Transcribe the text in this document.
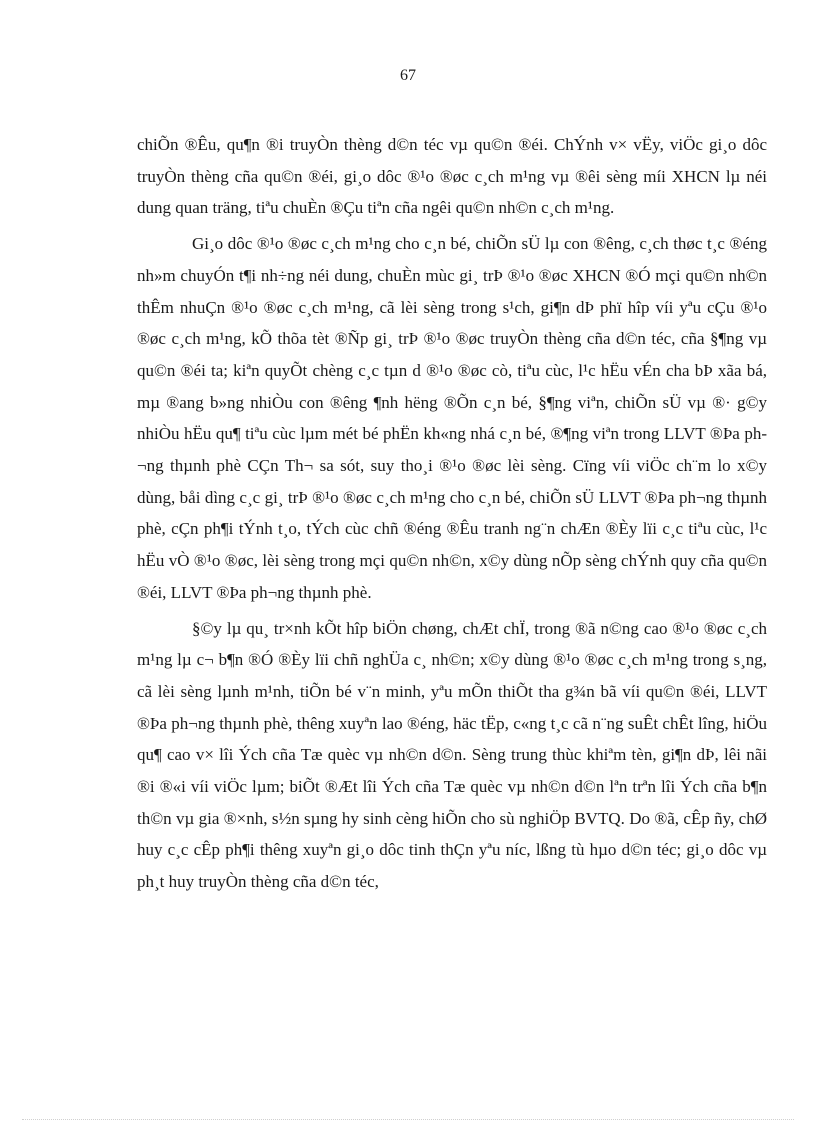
67

chiÕn ®Êu, qu¶n ®i truyÒn thèng d©n téc vµ qu©n ®éi. ChÝnh v× vËy, viÖc gi¸o dôc truyÒn thèng cña qu©n ®éi, gi¸o dôc ®¹o ®øc c¸ch m¹ng vµ ®êi sèng míi XHCN lµ néi dung quan träng, tiªu chuÈn ®Çu tiªn cña ngêi qu©n nh©n c¸ch m¹ng.

Gi¸o dôc ®¹o ®øc c¸ch m¹ng cho c¸n bé, chiÕn sÜ lµ con ®êng, c¸ch thøc t¸c ®éng nh»m chuyÓn t¶i nh÷ng néi dung, chuÈn mùc gi¸ trÞ ®¹o ®øc XHCN ®Ó mçi qu©n nh©n thÊm nhuÇn ®¹o ®øc c¸ch m¹ng, cã lèi sèng trong s¹ch, gi¶n dÞ phï hîp víi yªu cÇu ®¹o ®øc c¸ch m¹ng, kÕ thõa tèt ®Ñp gi¸ trÞ ®¹o ®øc truyÒn thèng cña d©n téc, cña §¶ng vµ qu©n ®éi ta; kiªn quyÕt chèng c¸c tµn d ®¹o ®øc cò, tiªu cùc, l¹c hËu vÉn cha bÞ xãa bá, mµ ®ang b»ng nhiÒu con ®êng ¶nh hëng ®Õn c¸n bé, §¶ng viªn, chiÕn sÜ vµ ®· g©y nhiÒu hËu qu¶ tiªu cùc lµm mét bé phËn kh«ng nhá c¸n bé, ®¶ng viªn trong LLVT ®Þa ph¬ng thµnh phè CÇn Th¬ sa sót, suy tho¸i ®¹o ®øc lèi sèng. Cïng víi viÖc ch¨m lo x©y dùng, båi dìng c¸c gi¸ trÞ ®¹o ®øc c¸ch m¹ng cho c¸n bé, chiÕn sÜ LLVT ®Þa ph¬ng thµnh phè, cÇn ph¶i tÝnh t¸o, tÝch cùc chñ ®éng ®Êu tranh ng¨n chÆn ®Èy lïi c¸c tiªu cùc, l¹c hËu vÒ ®¹o ®øc, lèi sèng trong mçi qu©n nh©n, x©y dùng nÕp sèng chÝnh quy cña qu©n ®éi, LLVT ®Þa ph¬ng thµnh phè.

§©y lµ qu¸ tr×nh kÕt hîp biÖn chøng, chÆt chÏ, trong ®ã n©ng cao ®¹o ®øc c¸ch m¹ng lµ c¬ b¶n ®Ó ®Èy lïi chñ nghÜa c¸ nh©n; x©y dùng ®¹o ®øc c¸ch m¹ng trong s¸ng, cã lèi sèng lµnh m¹nh, tiÕn bé v¨n minh, yªu mÕn thiÕt tha g¾n bã víi qu©n ®éi, LLVT ®Þa ph¬ng thµnh phè, thêng xuyªn lao ®éng, häc tËp, c«ng t¸c cã n¨ng suÊt chÊt lîng, hiÖu qu¶ cao v× lîi Ých cña Tæ quèc vµ nh©n d©n. Sèng trung thùc khiªm tèn, gi¶n dÞ, lêi nãi ®i ®«i víi viÖc lµm; biÕt ®Æt lîi Ých cña Tæ quèc vµ nh©n d©n lªn trªn lîi Ých cña b¶n th©n vµ gia ®×nh, s½n sµng hy sinh cèng hiÕn cho sù nghiÖp BVTQ. Do ®ã, cÊp ñy, chØ huy c¸c cÊp ph¶i thêng xuyªn gi¸o dôc tinh thÇn yªu níc, lßng tù hµo d©n téc; gi¸o dôc vµ ph¸t huy truyÒn thèng cña d©n téc,
